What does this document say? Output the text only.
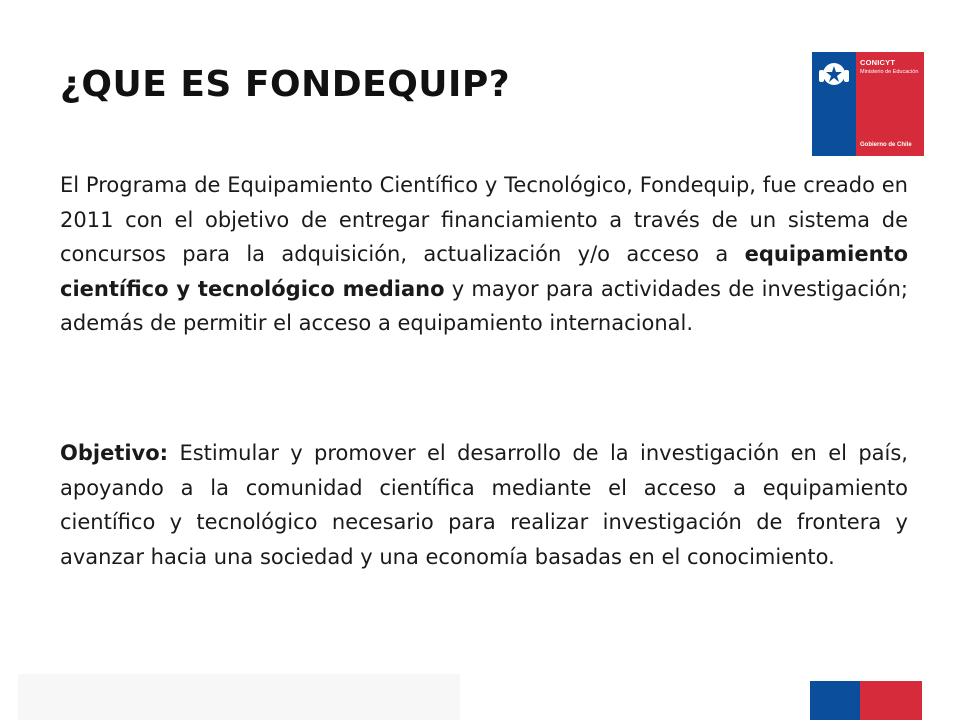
¿QUE ES FONDEQUIP?

El Programa de Equipamiento Científico y Tecnológico, Fondequip, fue creado en 2011 con el objetivo de entregar financiamiento a través de un sistema de concursos para la adquisición, actualización y/o acceso a equipamiento científico y tecnológico mediano y mayor para actividades de investigación; además de permitir el acceso a equipamiento internacional.

Objetivo: Estimular y promover el desarrollo de la investigación en el país, apoyando a la comunidad científica mediante el acceso a equipamiento científico y tecnológico necesario para realizar investigación de frontera y avanzar hacia una sociedad y una economía basadas en el conocimiento.

CONICYT
Ministerio de Educación
Gobierno de Chile
